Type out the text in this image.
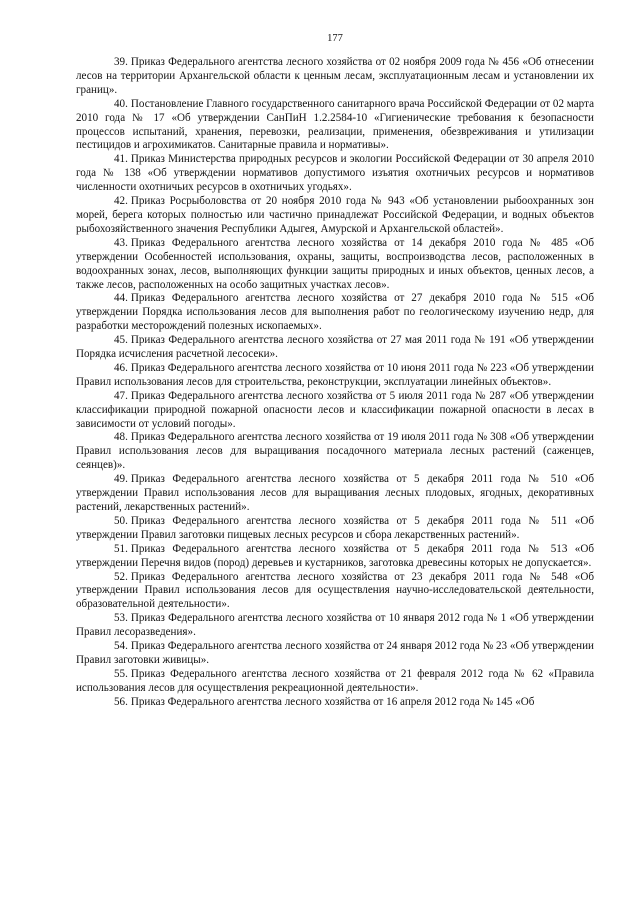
177

39. Приказ Федерального агентства лесного хозяйства от 02 ноября 2009 года № 456 «Об отнесении лесов на территории Архангельской области к ценным лесам, эксплуатационным лесам и установлении их границ».

40. Постановление Главного государственного санитарного врача Российской Федерации от 02 марта 2010 года № 17 «Об утверждении СанПиН 1.2.2584-10 «Гигиенические требования к безопасности процессов испытаний, хранения, перевозки, реализации, применения, обезвреживания и утилизации пестицидов и агрохимикатов. Санитарные правила и нормативы».

41. Приказ Министерства природных ресурсов и экологии Российской Федерации от 30 апреля 2010 года № 138 «Об утверждении нормативов допустимого изъятия охотничьих ресурсов и нормативов численности охотничьих ресурсов в охотничьих угодьях».

42. Приказ Росрыболовства от 20 ноября 2010 года № 943 «Об установлении рыбоохранных зон морей, берега которых полностью или частично принадлежат Российской Федерации, и водных объектов рыбохозяйственного значения Республики Адыгея, Амурской и Архангельской областей».

43. Приказ Федерального агентства лесного хозяйства от 14 декабря 2010 года № 485 «Об утверждении Особенностей использования, охраны, защиты, воспроизводства лесов, расположенных в водоохранных зонах, лесов, выполняющих функции защиты природных и иных объектов, ценных лесов, а также лесов, расположенных на особо защитных участках лесов».

44. Приказ Федерального агентства лесного хозяйства от 27 декабря 2010 года № 515 «Об утверждении Порядка использования лесов для выполнения работ по геологическому изучению недр, для разработки месторождений полезных ископаемых».

45. Приказ Федерального агентства лесного хозяйства от 27 мая 2011 года № 191 «Об утверждении Порядка исчисления расчетной лесосеки».

46. Приказ Федерального агентства лесного хозяйства от 10 июня 2011 года № 223 «Об утверждении Правил использования лесов для строительства, реконструкции, эксплуатации линейных объектов».

47. Приказ Федерального агентства лесного хозяйства от 5 июля 2011 года № 287 «Об утверждении классификации природной пожарной опасности лесов и классификации пожарной опасности в лесах в зависимости от условий погоды».

48. Приказ Федерального агентства лесного хозяйства от 19 июля 2011 года № 308 «Об утверждении Правил использования лесов для выращивания посадочного материала лесных растений (саженцев, сеянцев)».

49. Приказ Федерального агентства лесного хозяйства от 5 декабря 2011 года № 510 «Об утверждении Правил использования лесов для выращивания лесных плодовых, ягодных, декоративных растений, лекарственных растений».

50. Приказ Федерального агентства лесного хозяйства от 5 декабря 2011 года № 511 «Об утверждении Правил заготовки пищевых лесных ресурсов и сбора лекарственных растений».

51. Приказ Федерального агентства лесного хозяйства от 5 декабря 2011 года № 513 «Об утверждении Перечня видов (пород) деревьев и кустарников, заготовка древесины которых не допускается».

52. Приказ Федерального агентства лесного хозяйства от 23 декабря 2011 года № 548 «Об утверждении Правил использования лесов для осуществления научно-исследовательской деятельности, образовательной деятельности».

53. Приказ Федерального агентства лесного хозяйства от 10 января 2012 года № 1 «Об утверждении Правил лесоразведения».

54. Приказ Федерального агентства лесного хозяйства от 24 января 2012 года № 23 «Об утверждении Правил заготовки живицы».

55. Приказ Федерального агентства лесного хозяйства от 21 февраля 2012 года № 62 «Правила использования лесов для осуществления рекреационной деятельности».

56. Приказ Федерального агентства лесного хозяйства от 16 апреля 2012 года № 145 «Об
